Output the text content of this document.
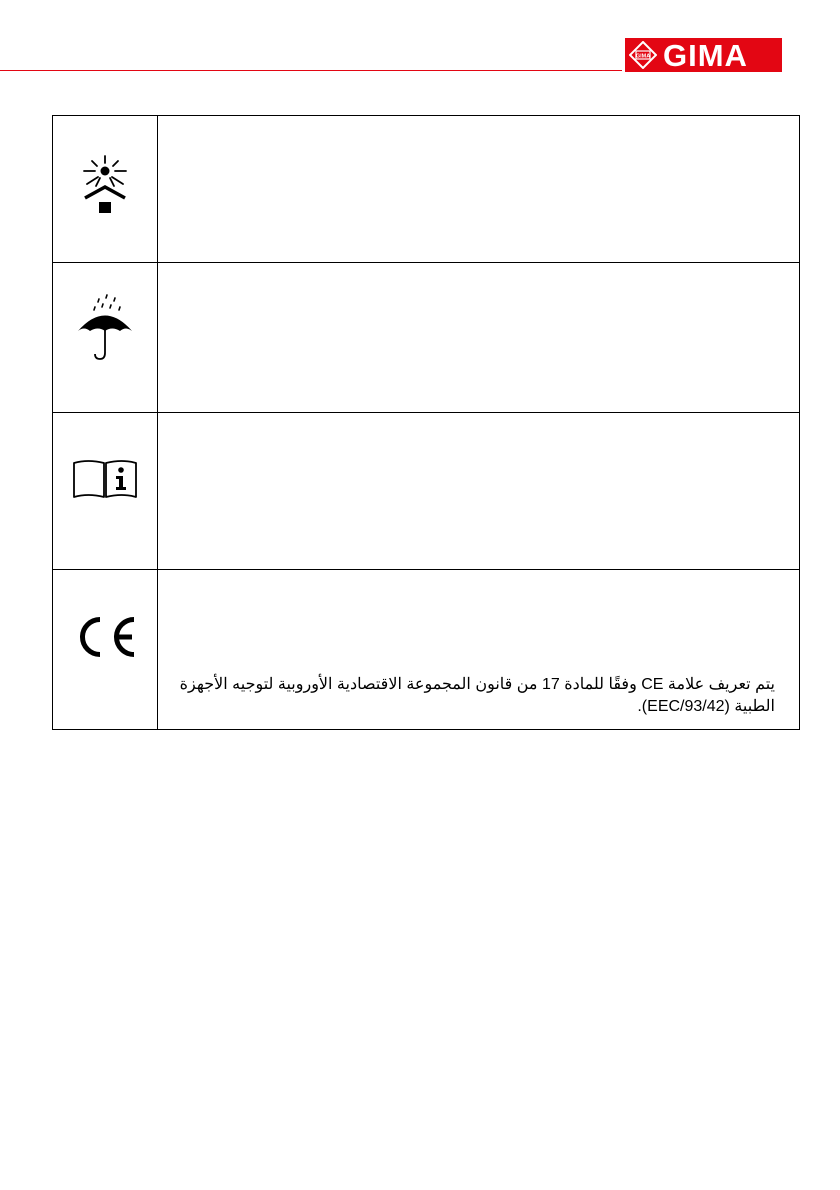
GIMA GIMA

يتم تعريف علامة CE وفقًا للمادة 17 من قانون المجموعة الاقتصادية الأوروبية لتوجيه الأجهزة
الطبية (93/42/EEC).
